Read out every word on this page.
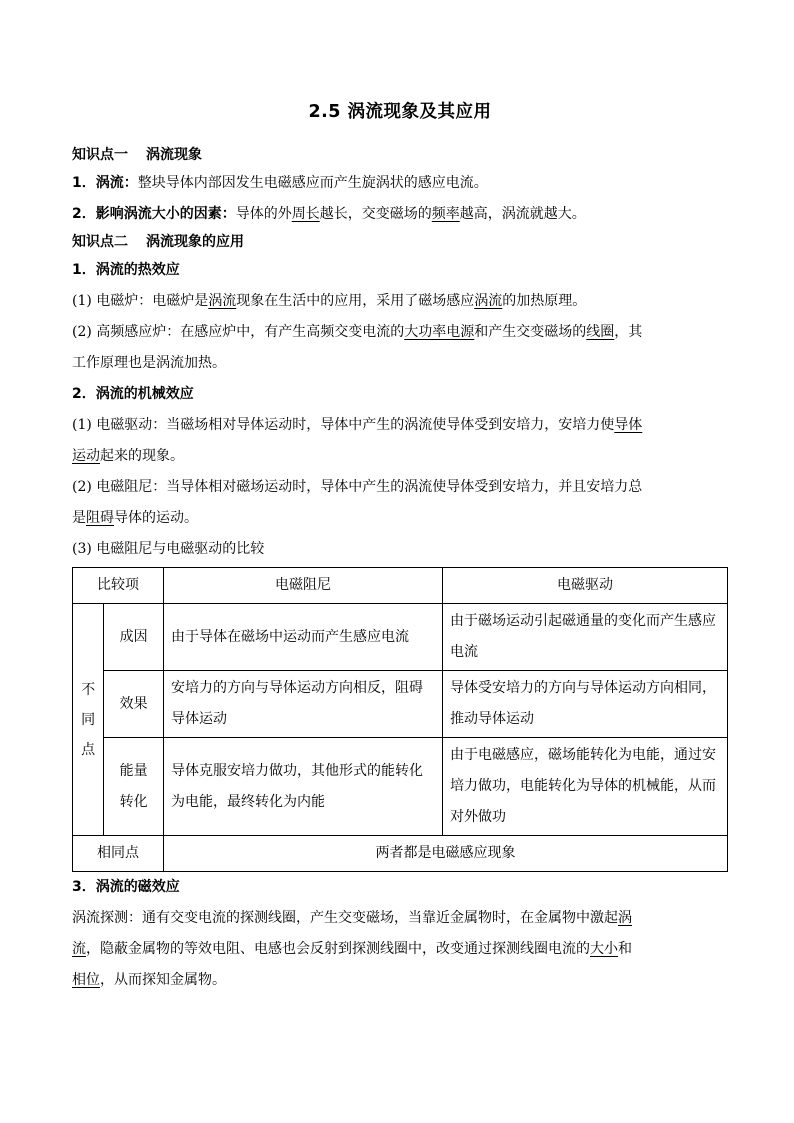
2.5 涡流现象及其应用

知识点一 涡流现象

1．涡流：整块导体内部因发生电磁感应而产生旋涡状的感应电流。

2．影响涡流大小的因素：导体的外周长越长，交变磁场的频率越高，涡流就越大。

知识点二 涡流现象的应用

1．涡流的热效应

(1) 电磁炉：电磁炉是涡流现象在生活中的应用，采用了磁场感应涡流的加热原理。

(2) 高频感应炉：在感应炉中，有产生高频交变电流的大功率电源和产生交变磁场的线圈，其
工作原理也是涡流加热。

2．涡流的机械效应

(1) 电磁驱动：当磁场相对导体运动时，导体中产生的涡流使导体受到安培力，安培力使导体
运动起来的现象。

(2) 电磁阻尼：当导体相对磁场运动时，导体中产生的涡流使导体受到安培力，并且安培力总
是阻碍导体的运动。

(3) 电磁阻尼与电磁驱动的比较

比较项		电磁阻尼	电磁驱动

不
同
点	成因	由于导体在磁场中运动而产生感应电流	由于磁场运动引起磁通量的变化而产生感应电流
	效果	安培力的方向与导体运动方向相反，阻碍导体运动	导体受安培力的方向与导体运动方向相同，推动导体运动
	能量
转化	导体克服安培力做功，其他形式的能转化为电能，最终转化为内能	由于电磁感应，磁场能转化为电能，通过安培力做功，电能转化为导体的机械能，从而对外做功
相同点		两者都是电磁感应现象	

3．涡流的磁效应

涡流探测：通有交变电流的探测线圈，产生交变磁场，当靠近金属物时，在金属物中激起涡
流，隐蔽金属物的等效电阻、电感也会反射到探测线圈中，改变通过探测线圈电流的大小和
相位，从而探知金属物。
